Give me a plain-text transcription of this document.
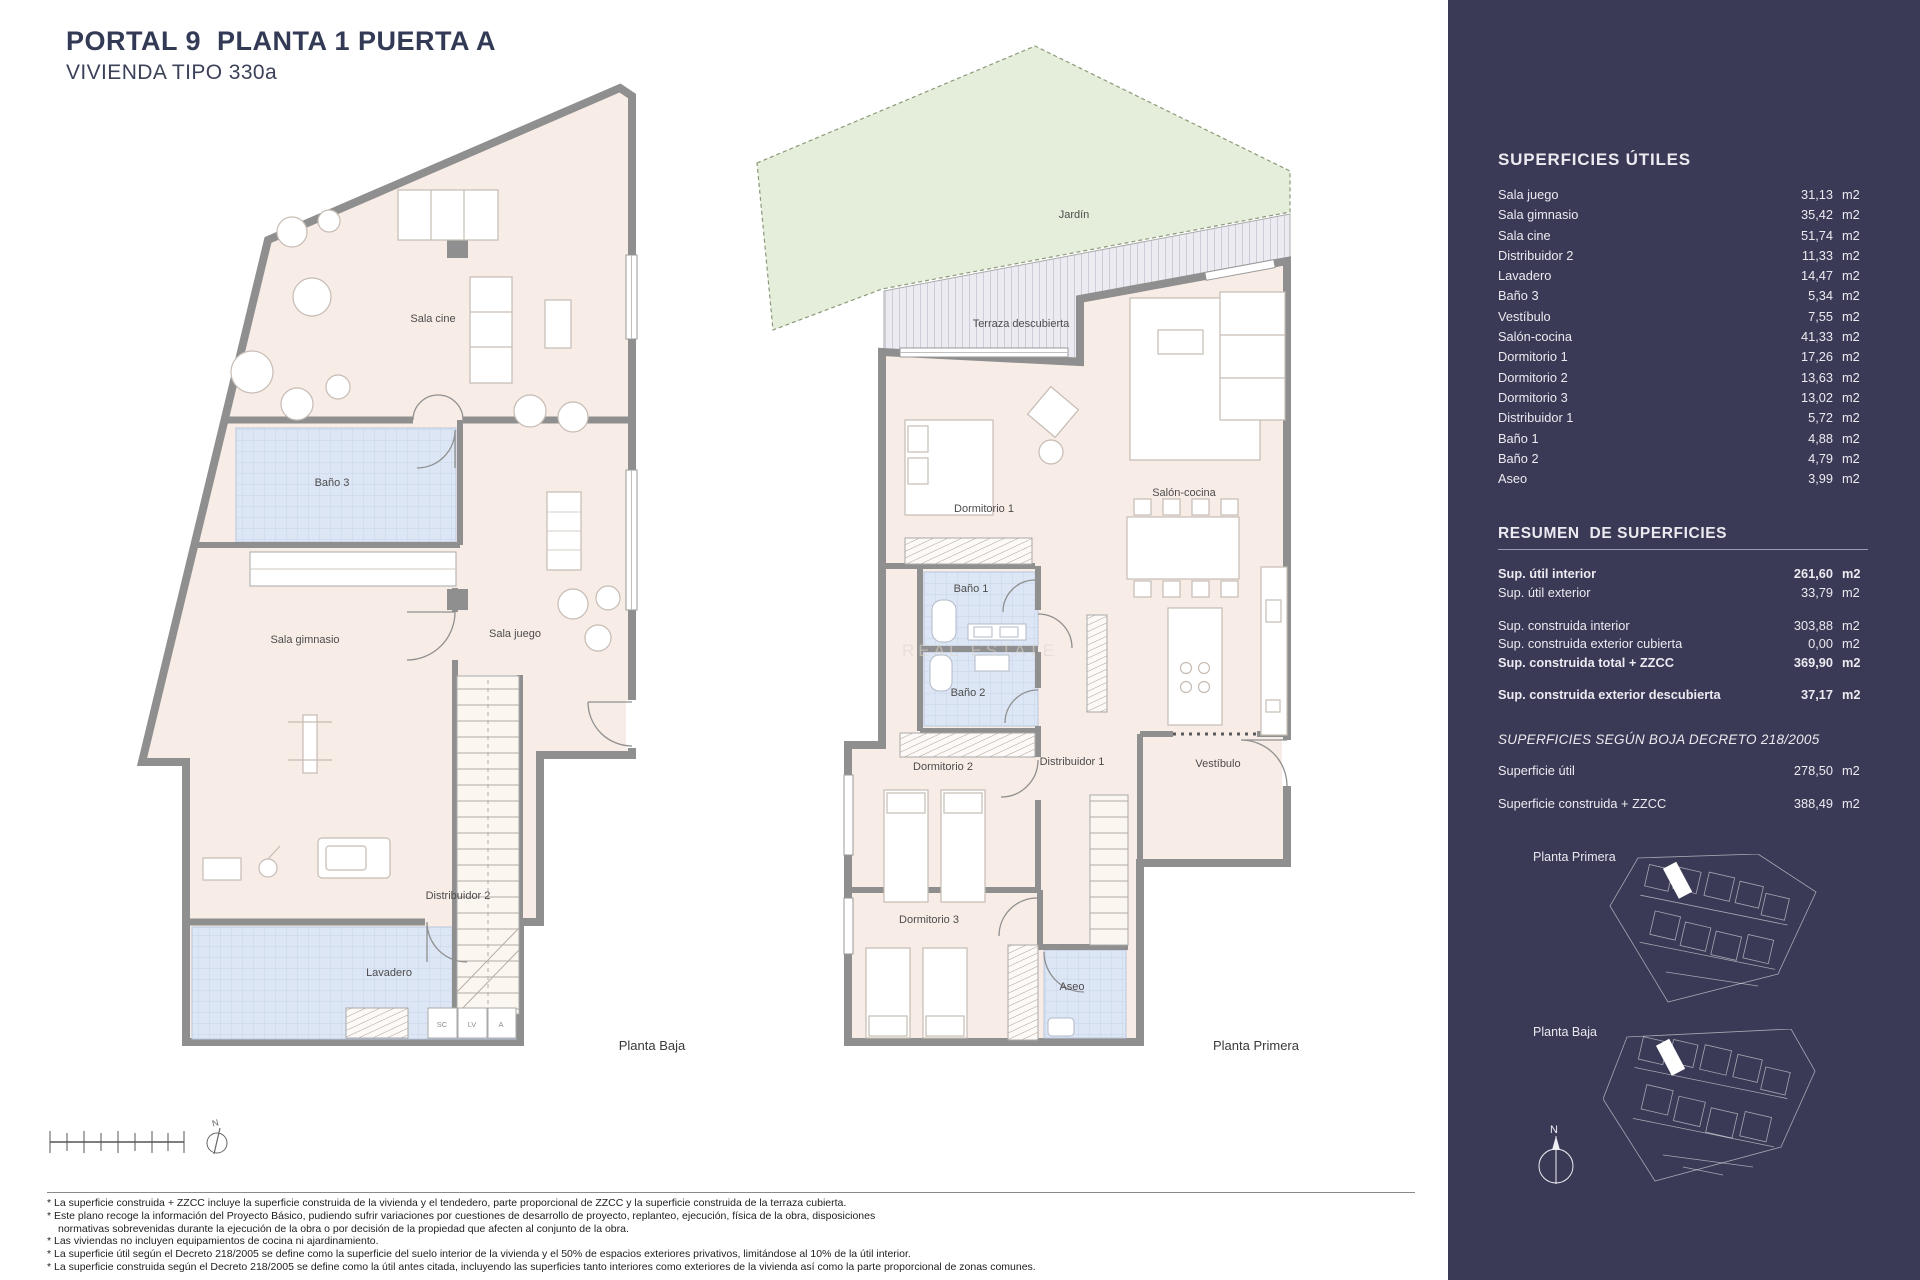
PORTAL 9  PLANTA 1 PUERTA A
VIVIENDA TIPO 330a
SC	LV	A
Sala cine
Baño 3
Sala gimnasio	Sala juego
Distribuidor 2
Lavadero
REAL ESTATE
Jardín
Terraza descubierta
Dormitorio 1
Salón-cocina
Baño 1
Baño 2
Dormitorio 2	Distribuidor 1	Vestíbulo
Dormitorio 3
Aseo
Planta Baja	Planta Primera
N

* La superficie construida + ZZCC incluye la superficie construida de la vivienda y el tendedero, parte proporcional de ZZCC y la superficie construida de la terraza cubierta.

* Este plano recoge la información del Proyecto Básico, pudiendo sufrir variaciones por cuestiones de desarrollo de proyecto, replanteo, ejecución, física de la obra, disposiciones

normativas sobrevenidas durante la ejecución de la obra o por decisión de la propiedad que afecten al conjunto de la obra.

* Las viviendas no incluyen equipamientos de cocina ni ajardinamiento.

* La superficie útil según el Decreto 218/2005 se define como la superficie del suelo interior de la vivienda y el 50% de espacios exteriores privativos, limitándose al 10% de la útil interior.

* La superficie construida según el Decreto 218/2005 se define como la útil antes citada, incluyendo las superficies tanto interiores como exteriores de la vivienda así como la parte proporcional de zonas comunes.

SUPERFICIES ÚTILES
Sala juego	31,13 m2
Sala gimnasio	35,42 m2
Sala cine	51,74 m2
Distribuidor 2	11,33 m2
Lavadero	14,47 m2
Baño 3	5,34 m2
Vestíbulo	7,55 m2
Salón-cocina	41,33 m2
Dormitorio 1	17,26 m2
Dormitorio 2	13,63 m2
Dormitorio 3	13,02 m2
Distribuidor 1	5,72 m2
Baño 1	4,88 m2
Baño 2	4,79 m2
Aseo	3,99 m2
RESUMEN  DE SUPERFICIES
Sup. útil interior	261,60 m2
Sup. útil exterior	33,79 m2
Sup. construida interior	303,88 m2
Sup. construida exterior cubierta	0,00 m2
Sup. construida total + ZZCC	369,90 m2
Sup. construida exterior descubierta	37,17 m2
SUPERFICIES SEGÚN BOJA DECRETO 218/2005
Superficie útil	278,50 m2
Superficie construida + ZZCC	388,49 m2
Planta Primera
Planta Baja
N
